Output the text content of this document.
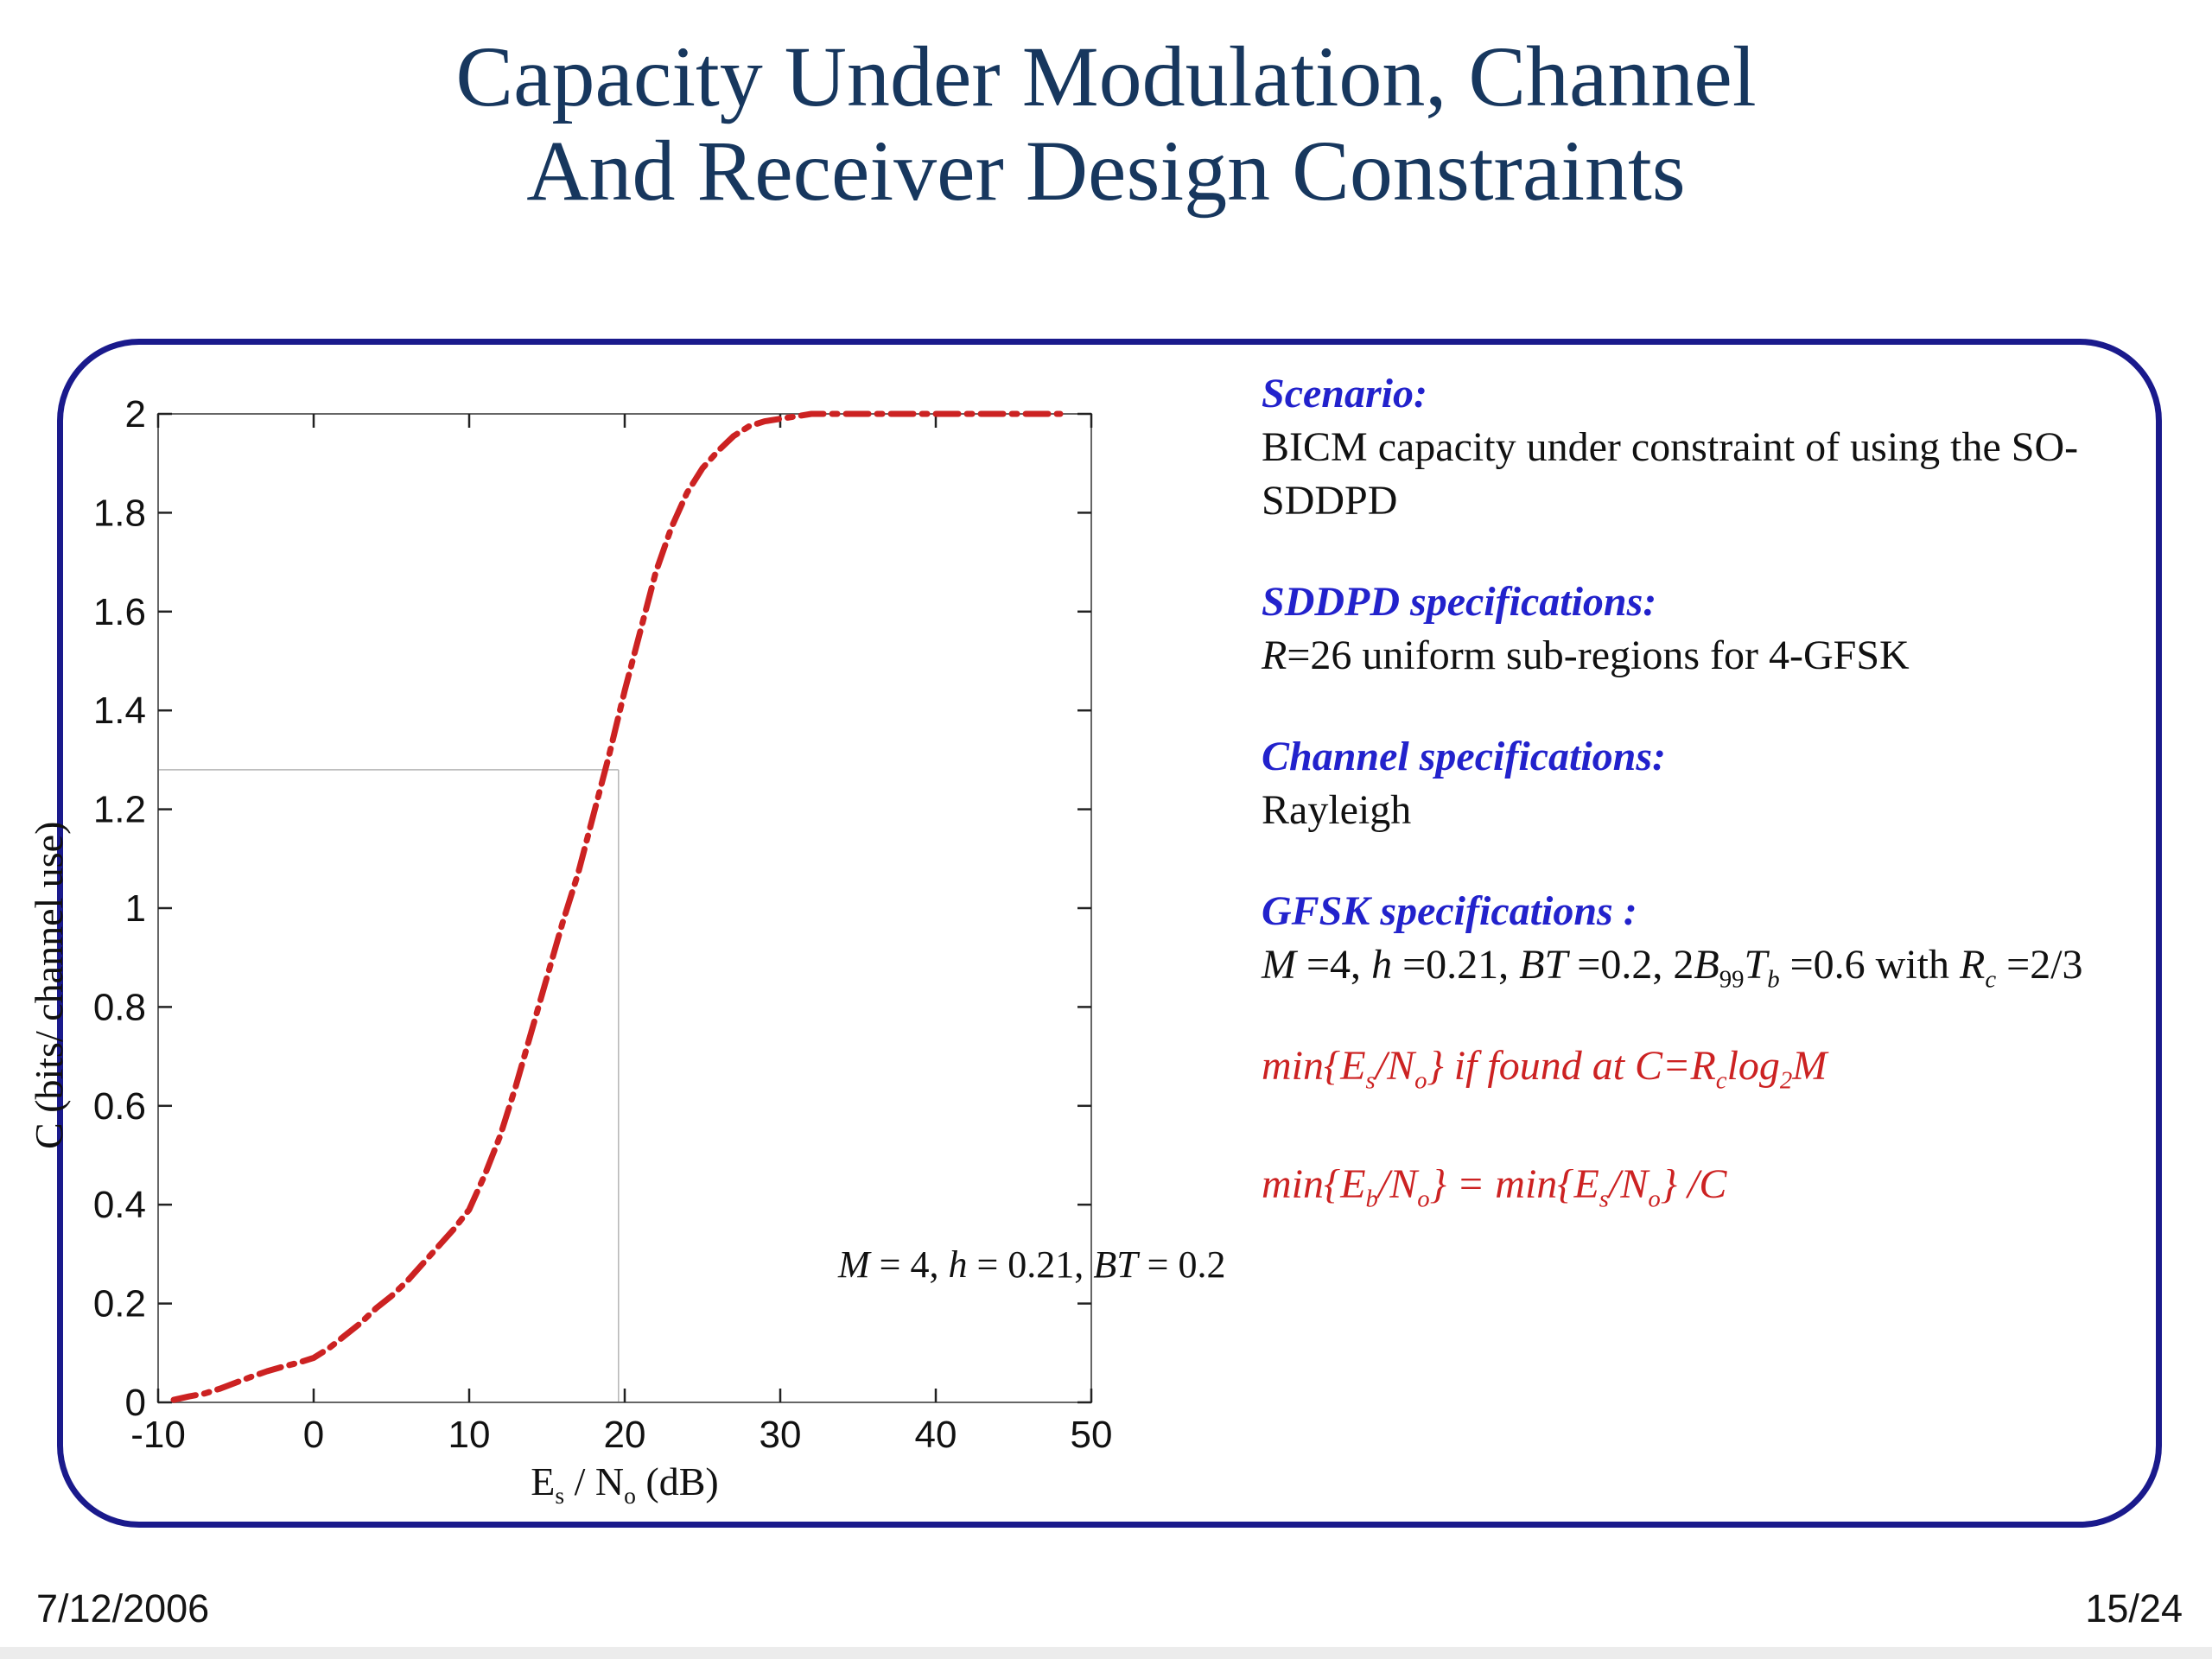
Capacity Under Modulation, Channel
And Receiver Design Constraints
-10	0	10	20	30	40	50
0
0.2
0.4
0.6
0.8
1
1.2
1.4
1.6
1.8
2
M = 4, h = 0.21, BT = 0.2
$E_s / N_o$ (dB)
C (bits/ channel use)
Scenario:
BICM capacity under constraint of using the SO-
SDDPD
SDDPD specifications:
R=26 uniform sub-regions for 4-GFSK
Channel specifications:
Rayleigh
GFSK specifications :
M =4, h =0.21, BT =0.2, $2B_{99}T_b =0.6$ with $R_c =2/3$
$\min\{E_s/N_o\}$ if found at $C=R_c\log_2M$
$\min\{E_b/N_o\} = \min\{E_s/N_o\}$ /C
7/12/2006	15/24
